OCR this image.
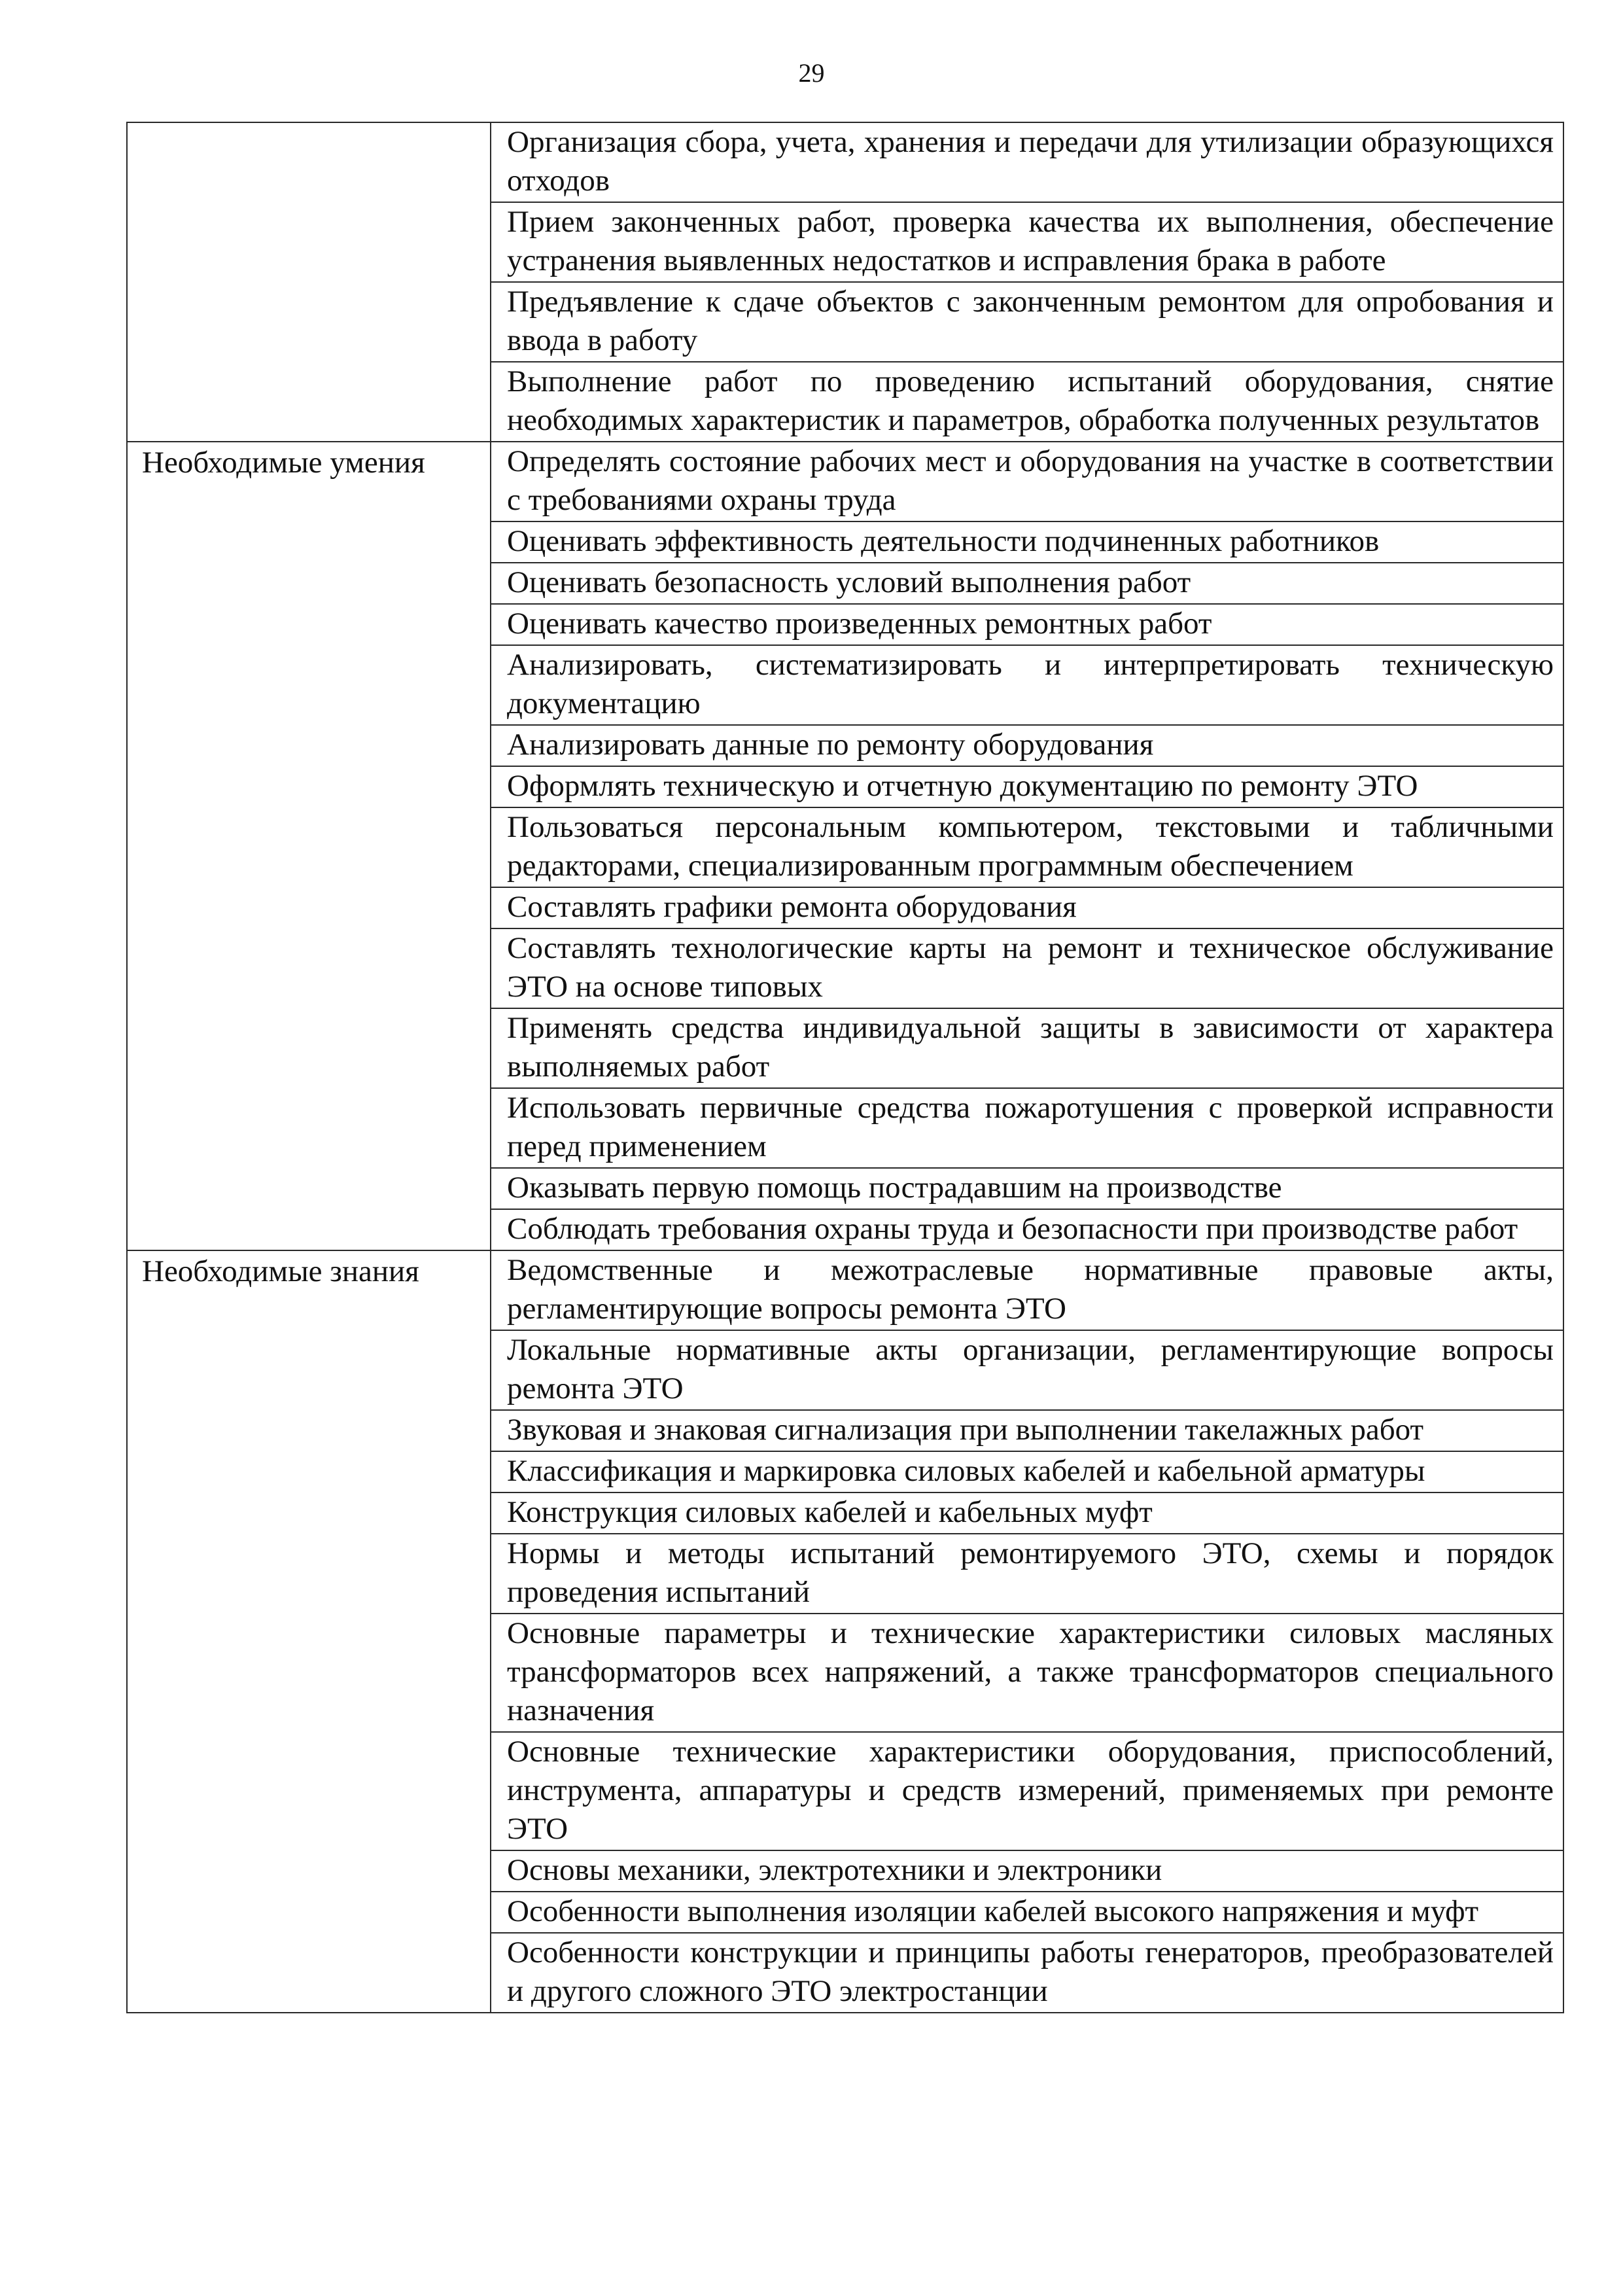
29
	Организация сбора, учета, хранения и передачи для утилизации образующихся отходов
	Прием законченных работ, проверка качества их выполнения, обеспечение устранения выявленных недостатков и исправления брака в работе
	Предъявление к сдаче объектов с законченным ремонтом для опробования и ввода в работу
	Выполнение работ по проведению испытаний оборудования, снятие необходимых характеристик и параметров, обработка полученных результатов
Необходимые умения	Определять состояние рабочих мест и оборудования на участке в соответствии с требованиями охраны труда
	Оценивать эффективность деятельности подчиненных работников
	Оценивать безопасность условий выполнения работ
	Оценивать качество произведенных ремонтных работ
	Анализировать, систематизировать и интерпретировать техническую документацию
	Анализировать данные по ремонту оборудования
	Оформлять техническую и отчетную документацию по ремонту ЭТО
	Пользоваться персональным компьютером, текстовыми и табличными редакторами, специализированным программным обеспечением
	Составлять графики ремонта оборудования
	Составлять технологические карты на ремонт и техническое обслуживание ЭТО на основе типовых
	Применять средства индивидуальной защиты в зависимости от характера выполняемых работ
	Использовать первичные средства пожаротушения с проверкой исправности перед применением
	Оказывать первую помощь пострадавшим на производстве
	Соблюдать требования охраны труда и безопасности при производстве работ
Необходимые знания	Ведомственные и межотраслевые нормативные правовые акты, регламентирующие вопросы ремонта ЭТО
	Локальные нормативные акты организации, регламентирующие вопросы ремонта ЭТО
	Звуковая и знаковая сигнализация при выполнении такелажных работ
	Классификация и маркировка силовых кабелей и кабельной арматуры
	Конструкция силовых кабелей и кабельных муфт
	Нормы и методы испытаний ремонтируемого ЭТО, схемы и порядок проведения испытаний
	Основные параметры и технические характеристики силовых масляных трансформаторов всех напряжений, а также трансформаторов специального назначения
	Основные технические характеристики оборудования, приспособлений, инструмента, аппаратуры и средств измерений, применяемых при ремонте ЭТО
	Основы механики, электротехники и электроники
	Особенности выполнения изоляции кабелей высокого напряжения и муфт
	Особенности конструкции и принципы работы генераторов, преобразователей и другого сложного ЭТО электростанции
